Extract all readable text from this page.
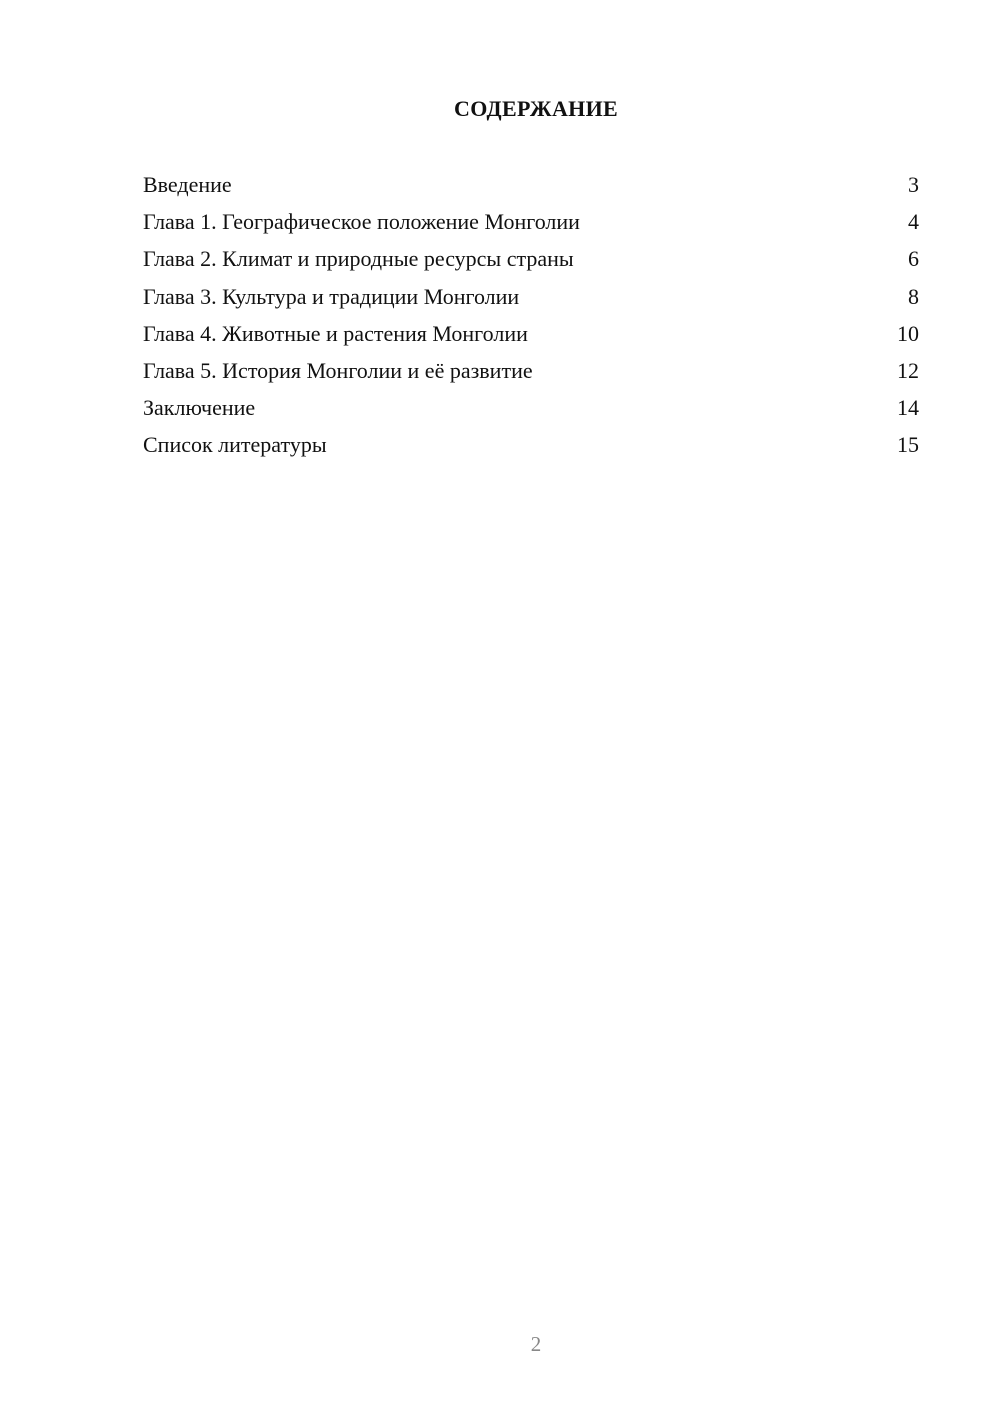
СОДЕРЖАНИЕ
Введение	3
Глава 1. Географическое положение Монголии	4
Глава 2. Климат и природные ресурсы страны	6
Глава 3. Культура и традиции Монголии	8
Глава 4. Животные и растения Монголии	10
Глава 5. История Монголии и её развитие	12
Заключение	14
Список литературы	15
2
